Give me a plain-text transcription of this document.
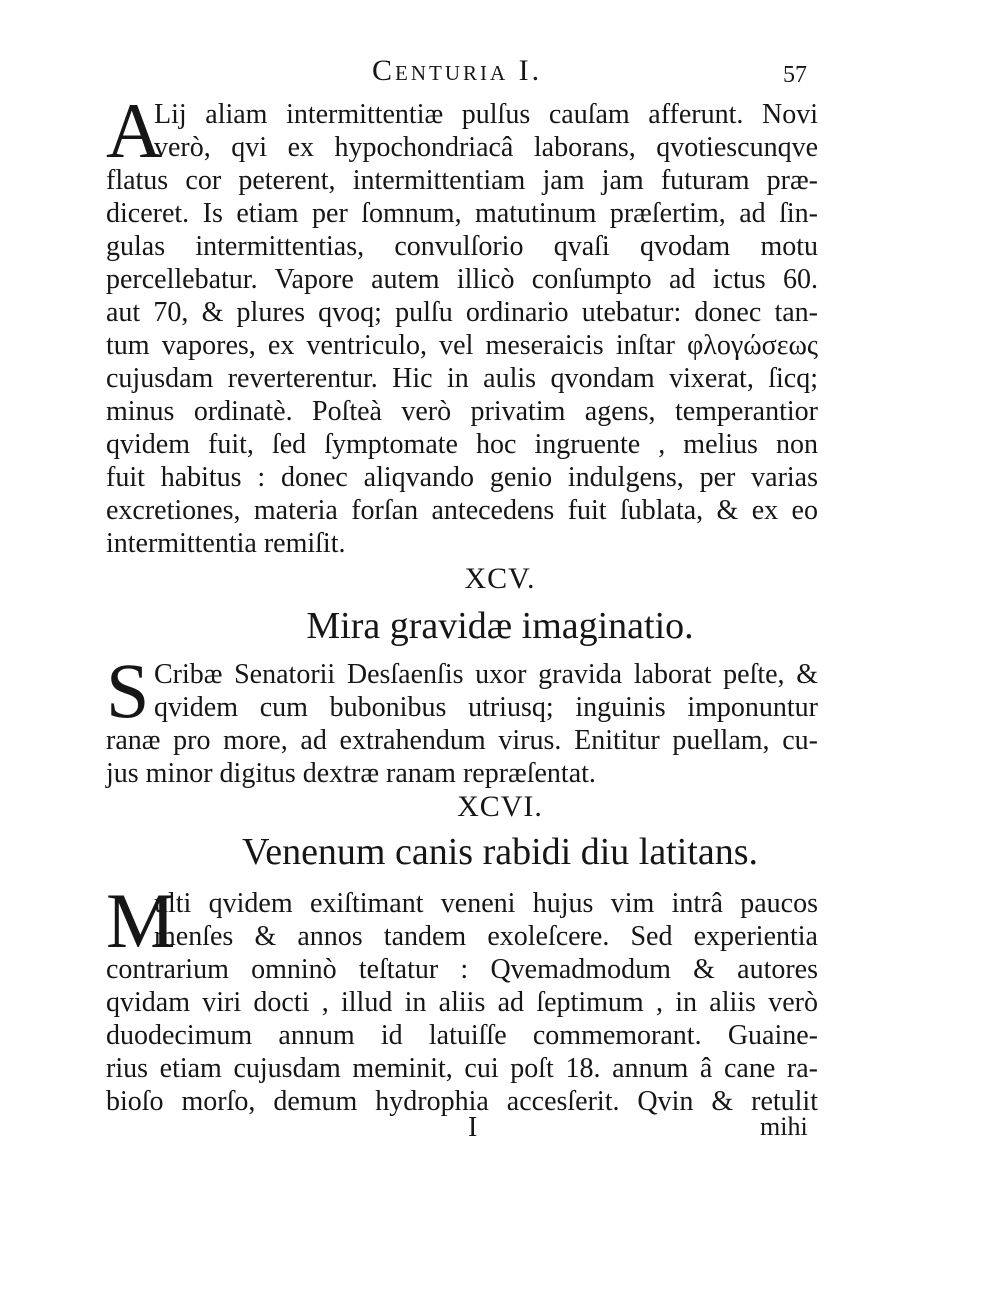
Centuria I.	57
A
Lij aliam intermittentiæ pulſus cauſam afferunt. Novi
verò, qvi ex hypochondriacâ laborans, qvotiescunqve
flatus cor peterent, intermittentiam jam jam futuram præ-
diceret. Is etiam per ſomnum, matutinum præſertim, ad ſin-
gulas intermittentias, convulſorio qvaſi qvodam motu
percellebatur. Vapore autem illicò conſumpto ad ictus 60.
aut 70, & plures qvoq; pulſu ordinario utebatur: donec tan-
tum vapores, ex ventriculo, vel meseraicis inſtar φλογώσεως
cujusdam reverterentur. Hic in aulis qvondam vixerat, ſicq;
minus ordinatè. Poſteà verò privatim agens, temperantior
qvidem fuit, ſed ſymptomate hoc ingruente , melius non
fuit habitus : donec aliqvando genio indulgens, per varias
excretiones, materia forſan antecedens fuit ſublata, & ex eo
intermittentia remiſit.
XCV.
Mira gravidæ imaginatio.
S Cribæ Senatorii Desſaenſis uxor gravida laborat peſte, &
qvidem cum bubonibus utriusq; inguinis imponuntur
ranæ pro more, ad extrahendum virus. Enititur puellam, cu-
jus minor digitus dextræ ranam repræſentat.
XCVI.
Venenum canis rabidi diu latitans.
M
ulti qvidem exiſtimant veneni hujus vim intrâ paucos
menſes & annos tandem exoleſcere. Sed experientia
contrarium omninò teſtatur : Qvemadmodum & autores
qvidam viri docti , illud in aliis ad ſeptimum , in aliis verò
duodecimum annum id latuiſſe commemorant. Guaine-
rius etiam cujusdam meminit, cui poſt 18. annum â cane ra-
bioſo morſo, demum hydrophia accesſerit. Qvin & retulit
I	mihi
